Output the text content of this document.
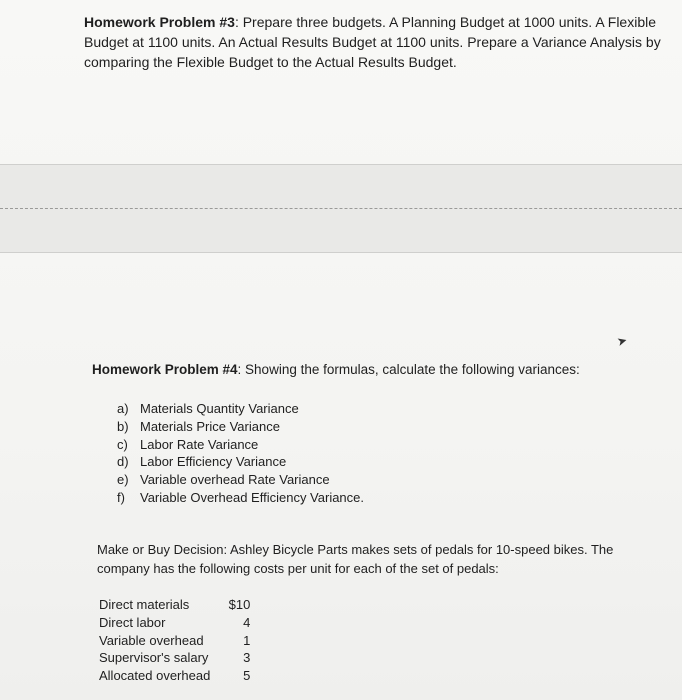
Homework Problem #3: Prepare three budgets. A Planning Budget at 1000 units. A Flexible Budget at 1100 units. An Actual Results Budget at 1100 units. Prepare a Variance Analysis by comparing the Flexible Budget to the Actual Results Budget.

➤

Homework Problem #4: Showing the formulas, calculate the following variances:

a) Materials Quantity Variance
b) Materials Price Variance
c) Labor Rate Variance
d) Labor Efficiency Variance
e) Variable overhead Rate Variance
f)	Variable Overhead Efficiency Variance.

Make or Buy Decision: Ashley Bicycle Parts makes sets of pedals for 10-speed bikes. The company has the following costs per unit for each of the set of pedals:

Direct materials	$10
Direct labor	4
Variable overhead	1
Supervisor's salary	3
Allocated overhead	5
